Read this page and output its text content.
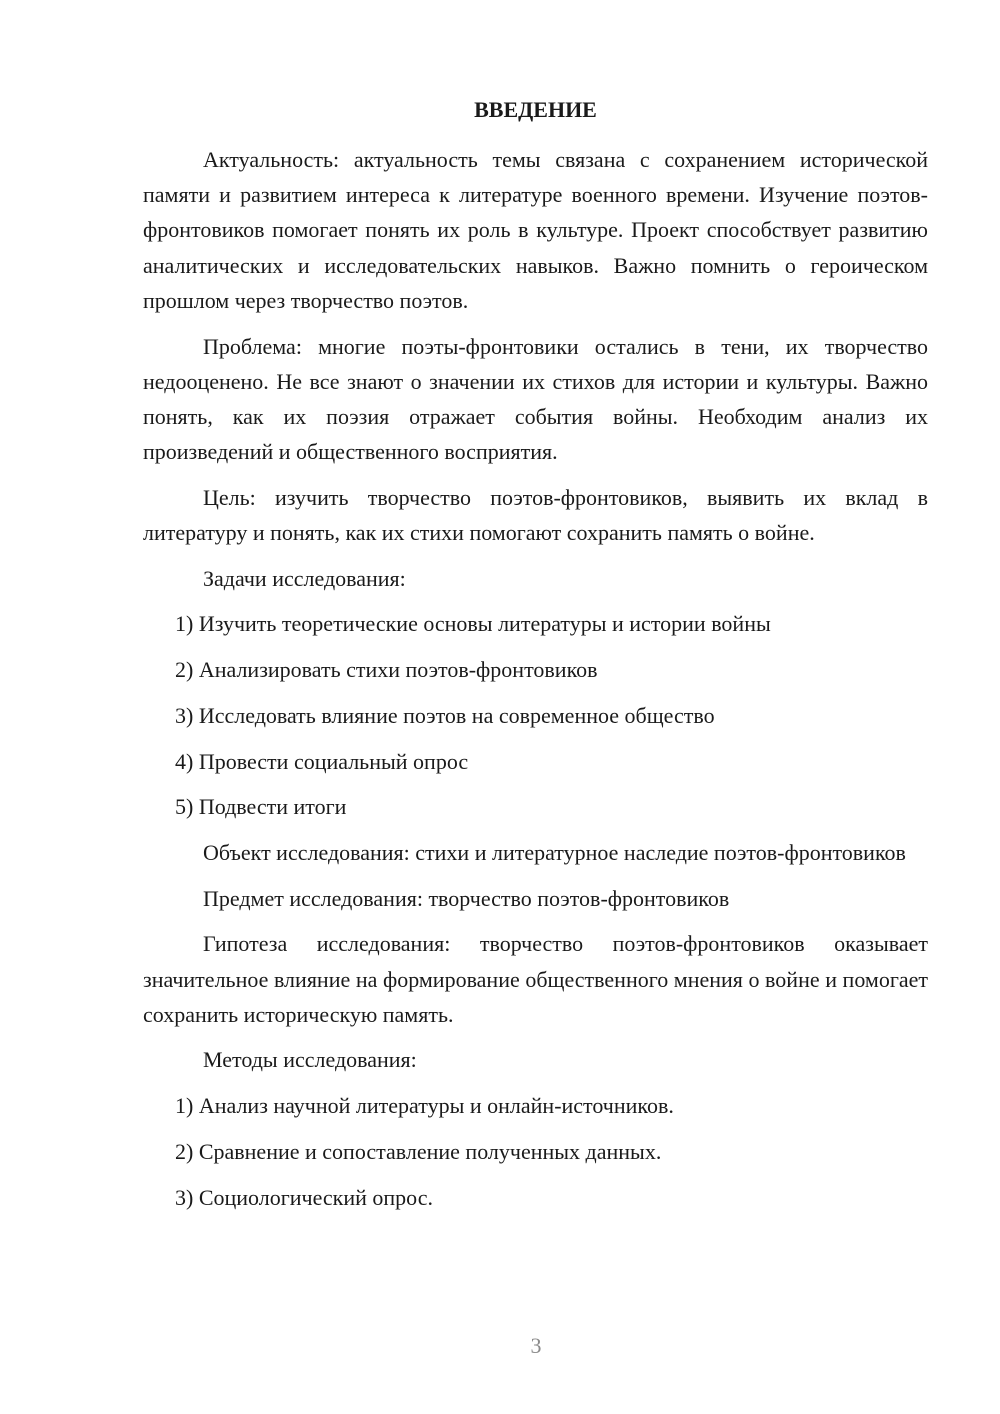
ВВЕДЕНИЕ

Актуальность: актуальность темы связана с сохранением исторической памяти и развитием интереса к литературе военного времени. Изучение поэтов-фронтовиков помогает понять их роль в культуре. Проект способствует развитию аналитических и исследовательских навыков. Важно помнить о героическом прошлом через творчество поэтов.

Проблема: многие поэты-фронтовики остались в тени, их творчество недооценено. Не все знают о значении их стихов для истории и культуры. Важно понять, как их поэзия отражает события войны. Необходим анализ их произведений и общественного восприятия.

Цель: изучить творчество поэтов-фронтовиков, выявить их вклад в литературу и понять, как их стихи помогают сохранить память о войне.

Задачи исследования:

1) Изучить теоретические основы литературы и истории войны

2) Анализировать стихи поэтов-фронтовиков

3) Исследовать влияние поэтов на современное общество

4) Провести социальный опрос

5) Подвести итоги

Объект исследования: стихи и литературное наследие поэтов-фронтовиков

Предмет исследования: творчество поэтов-фронтовиков

Гипотеза исследования: творчество поэтов-фронтовиков оказывает значительное влияние на формирование общественного мнения о войне и помогает сохранить историческую память.

Методы исследования:

1) Анализ научной литературы и онлайн-источников.

2) Сравнение и сопоставление полученных данных.

3) Социологический опрос.

3
